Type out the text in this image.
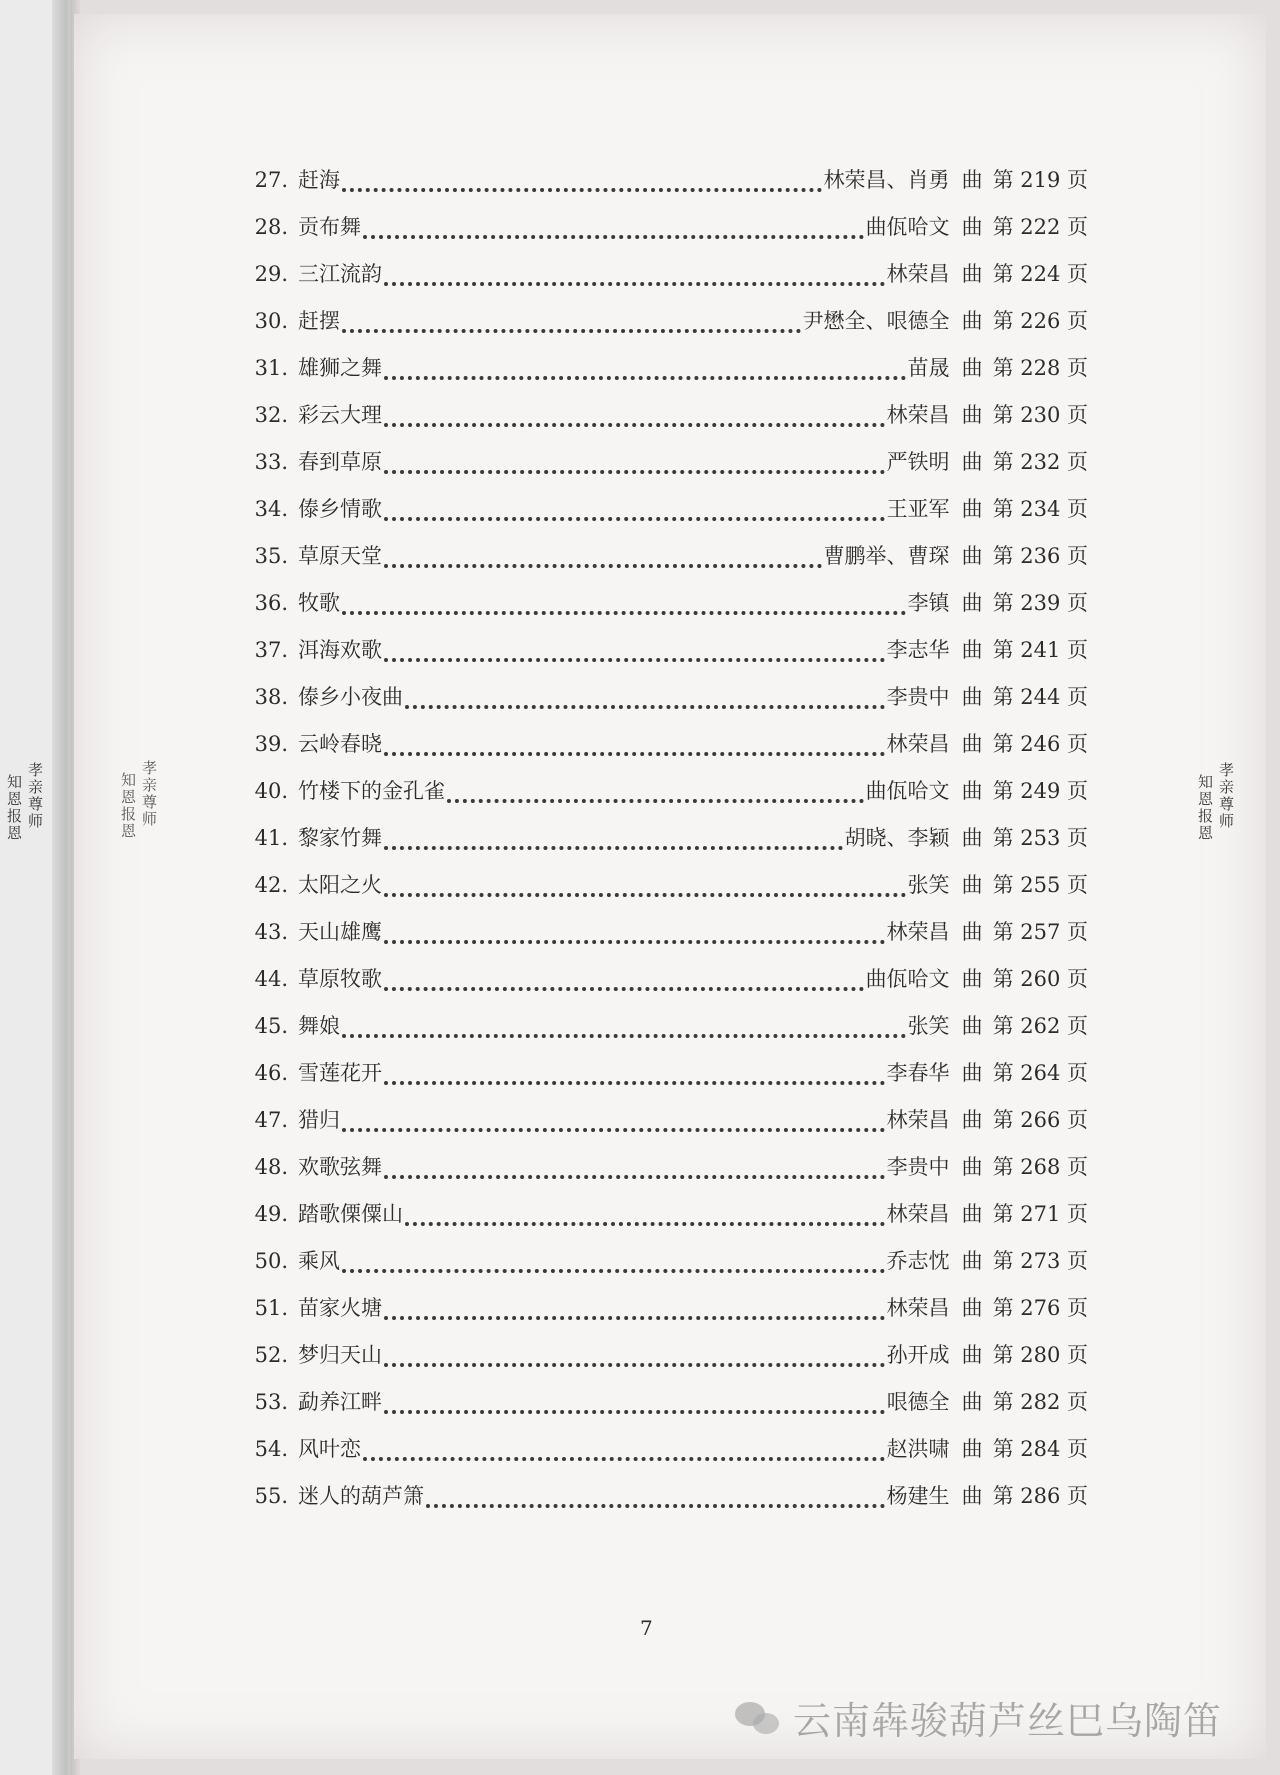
孝亲尊师
知恩报恩	孝亲尊师
知恩报恩	孝亲尊师
知恩报恩
27. 赶海	林荣昌、肖勇 曲 第 219 页
28. 贡布舞	曲佤哈文 曲 第 222 页
29. 三江流韵	林荣昌 曲 第 224 页
30. 赶摆	尹懋全、哏德全 曲 第 226 页
31. 雄狮之舞	苗晟 曲 第 228 页
32. 彩云大理	林荣昌 曲 第 230 页
33. 春到草原	严铁明 曲 第 232 页
34. 傣乡情歌	王亚军 曲 第 234 页
35. 草原天堂	曹鹏举、曹琛 曲 第 236 页
36. 牧歌	李镇 曲 第 239 页
37. 洱海欢歌	李志华 曲 第 241 页
38. 傣乡小夜曲	李贵中 曲 第 244 页
39. 云岭春晓	林荣昌 曲 第 246 页
40. 竹楼下的金孔雀	曲佤哈文 曲 第 249 页
41. 黎家竹舞	胡晓、李颖 曲 第 253 页
42. 太阳之火	张笑 曲 第 255 页
43. 天山雄鹰	林荣昌 曲 第 257 页
44. 草原牧歌	曲佤哈文 曲 第 260 页
45. 舞娘	张笑 曲 第 262 页
46. 雪莲花开	李春华 曲 第 264 页
47. 猎归	林荣昌 曲 第 266 页
48. 欢歌弦舞	李贵中 曲 第 268 页
49. 踏歌傈僳山	林荣昌 曲 第 271 页
50. 乘风	乔志忱 曲 第 273 页
51. 苗家火塘	林荣昌 曲 第 276 页
52. 梦归天山	孙开成 曲 第 280 页
53. 勐养江畔	哏德全 曲 第 282 页
54. 风叶恋	赵洪啸 曲 第 284 页
55. 迷人的葫芦箫	杨建生 曲 第 286 页
7
云南犇骏葫芦丝巴乌陶笛
